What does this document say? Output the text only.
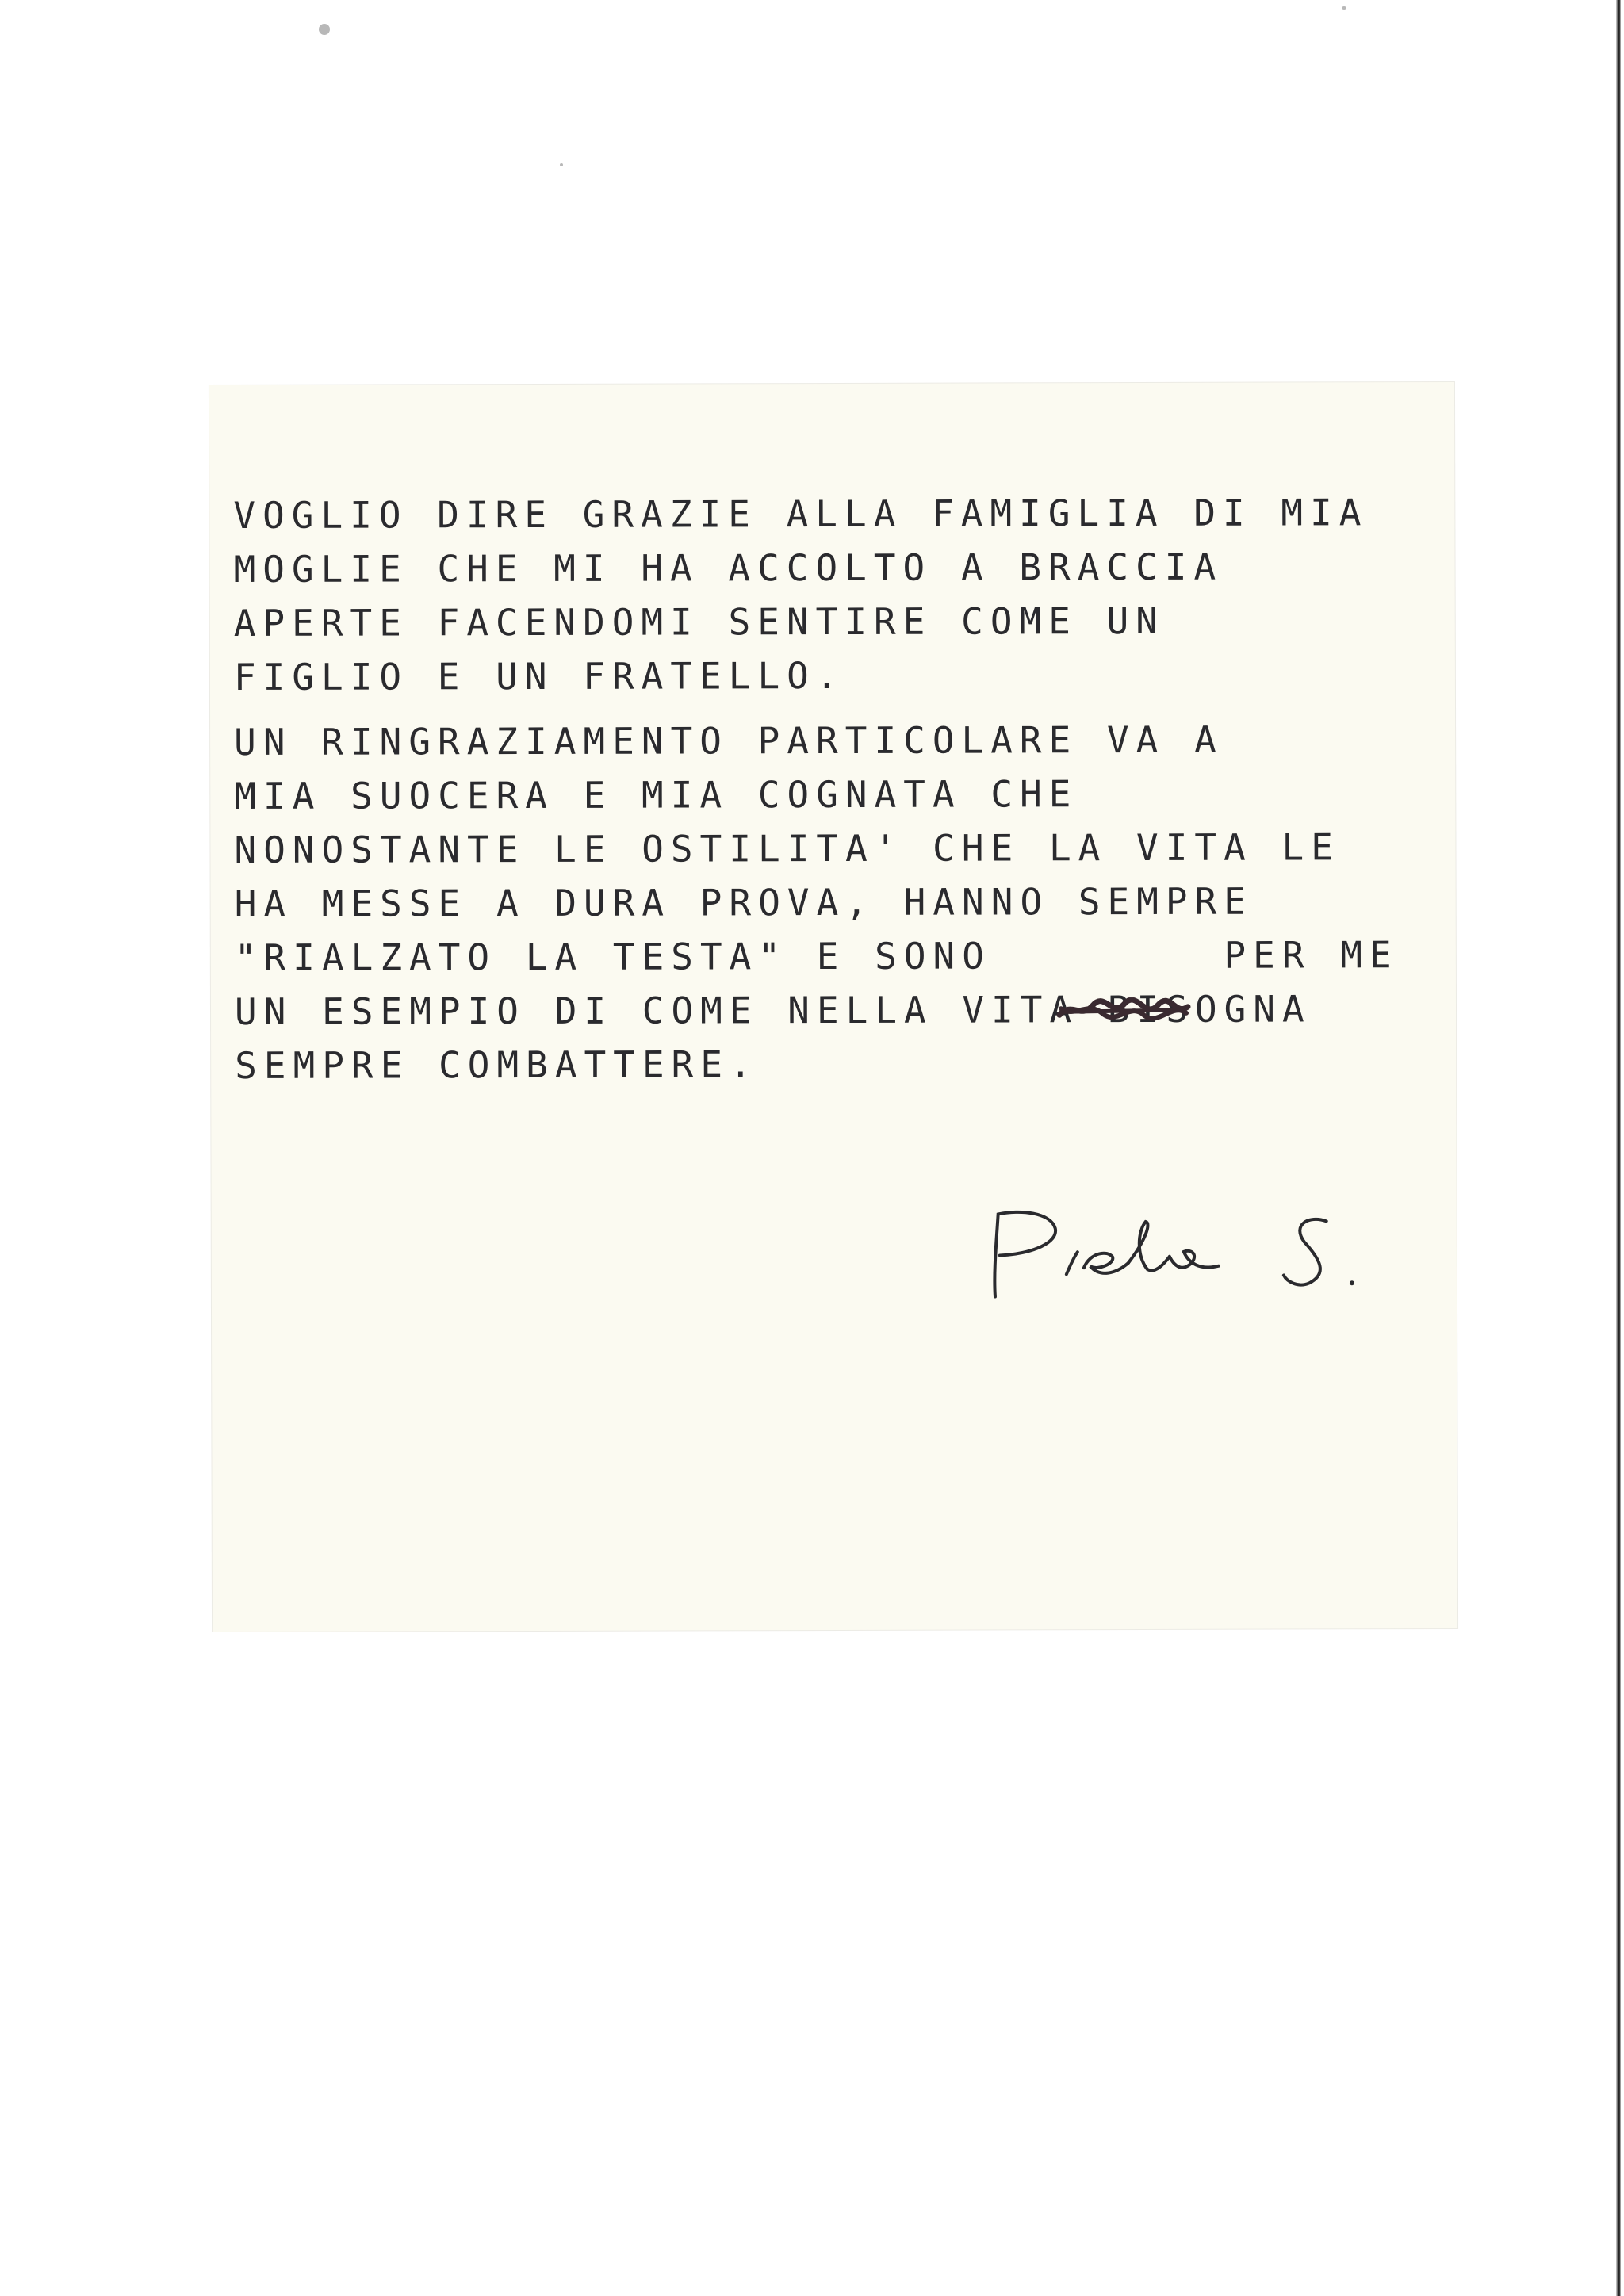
VOGLIO DIRE GRAZIE ALLA FAMIGLIA DI MIA
MOGLIE CHE MI HA ACCOLTO A BRACCIA
APERTE FACENDOMI SENTIRE COME UN
FIGLIO E UN FRATELLO.
UN RINGRAZIAMENTO PARTICOLARE VA A
MIA SUOCERA E MIA COGNATA CHE
NONOSTANTE LE OSTILITA' CHE LA VITA LE
HA MESSE A DURA PROVA, HANNO SEMPRE
"RIALZATO LA TESTA" E SONO        PER ME
UN ESEMPIO DI COME NELLA VITA BISOGNA
SEMPRE COMBATTERE.
